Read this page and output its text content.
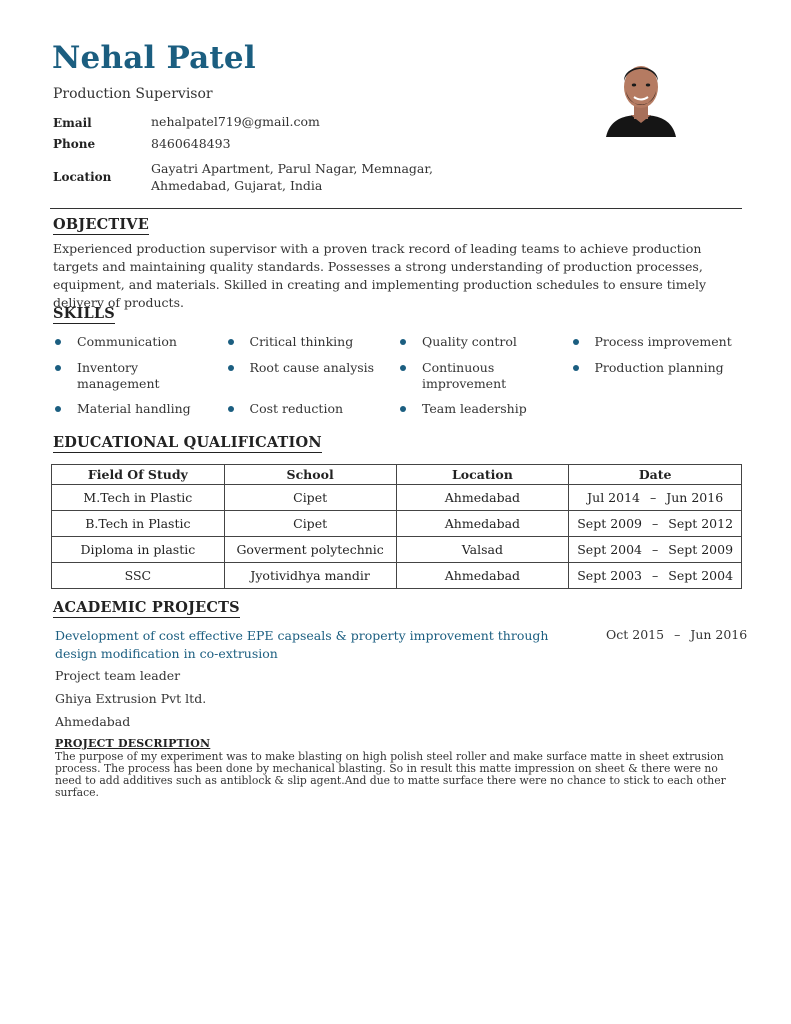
Nehal Patel
Production Supervisor
Email	nehalpatel719@gmail.com
Phone	8460648493
Location
Gayatri Apartment, Parul Nagar, Memnagar, Ahmedabad, Gujarat, India
OBJECTIVE

Experienced production supervisor with a proven track record of leading teams to achieve production targets and maintaining quality standards. Possesses a strong understanding of production processes, equipment, and materials. Skilled in creating and implementing production schedules to ensure timely delivery of products.

SKILLS
Communication	Critical thinking	Quality control	Process improvement
Inventory management
Root cause analysis	Continuous improvement
Production planning
Material handling	Cost reduction	Team leadership
EDUCATIONAL QUALIFICATION
Field Of Study	School	Location	Date
M.Tech in Plastic	Cipet	Ahmedabad	Jul 2014 – Jun 2016
B.Tech in Plastic	Cipet	Ahmedabad	Sept 2009 – Sept 2012
Diploma in plastic	Goverment polytechnic	Valsad	Sept 2004 – Sept 2009
SSC	Jyotividhya mandir	Ahmedabad	Sept 2003 – Sept 2004
ACADEMIC PROJECTS

Development of cost effective EPE capseals & property improvement through design modification in co-extrusion

Oct 2015 – Jun 2016
Project team leader
Ghiya Extrusion Pvt ltd.
Ahmedabad
PROJECT DESCRIPTION

The purpose of my experiment was to make blasting on high polish steel roller and make surface matte in sheet extrusion process. The process has been done by mechanical blasting. So in result this matte impression on sheet & there were no need to add additives such as antiblock & slip agent.And due to matte surface there were no chance to stick to each other surface.
